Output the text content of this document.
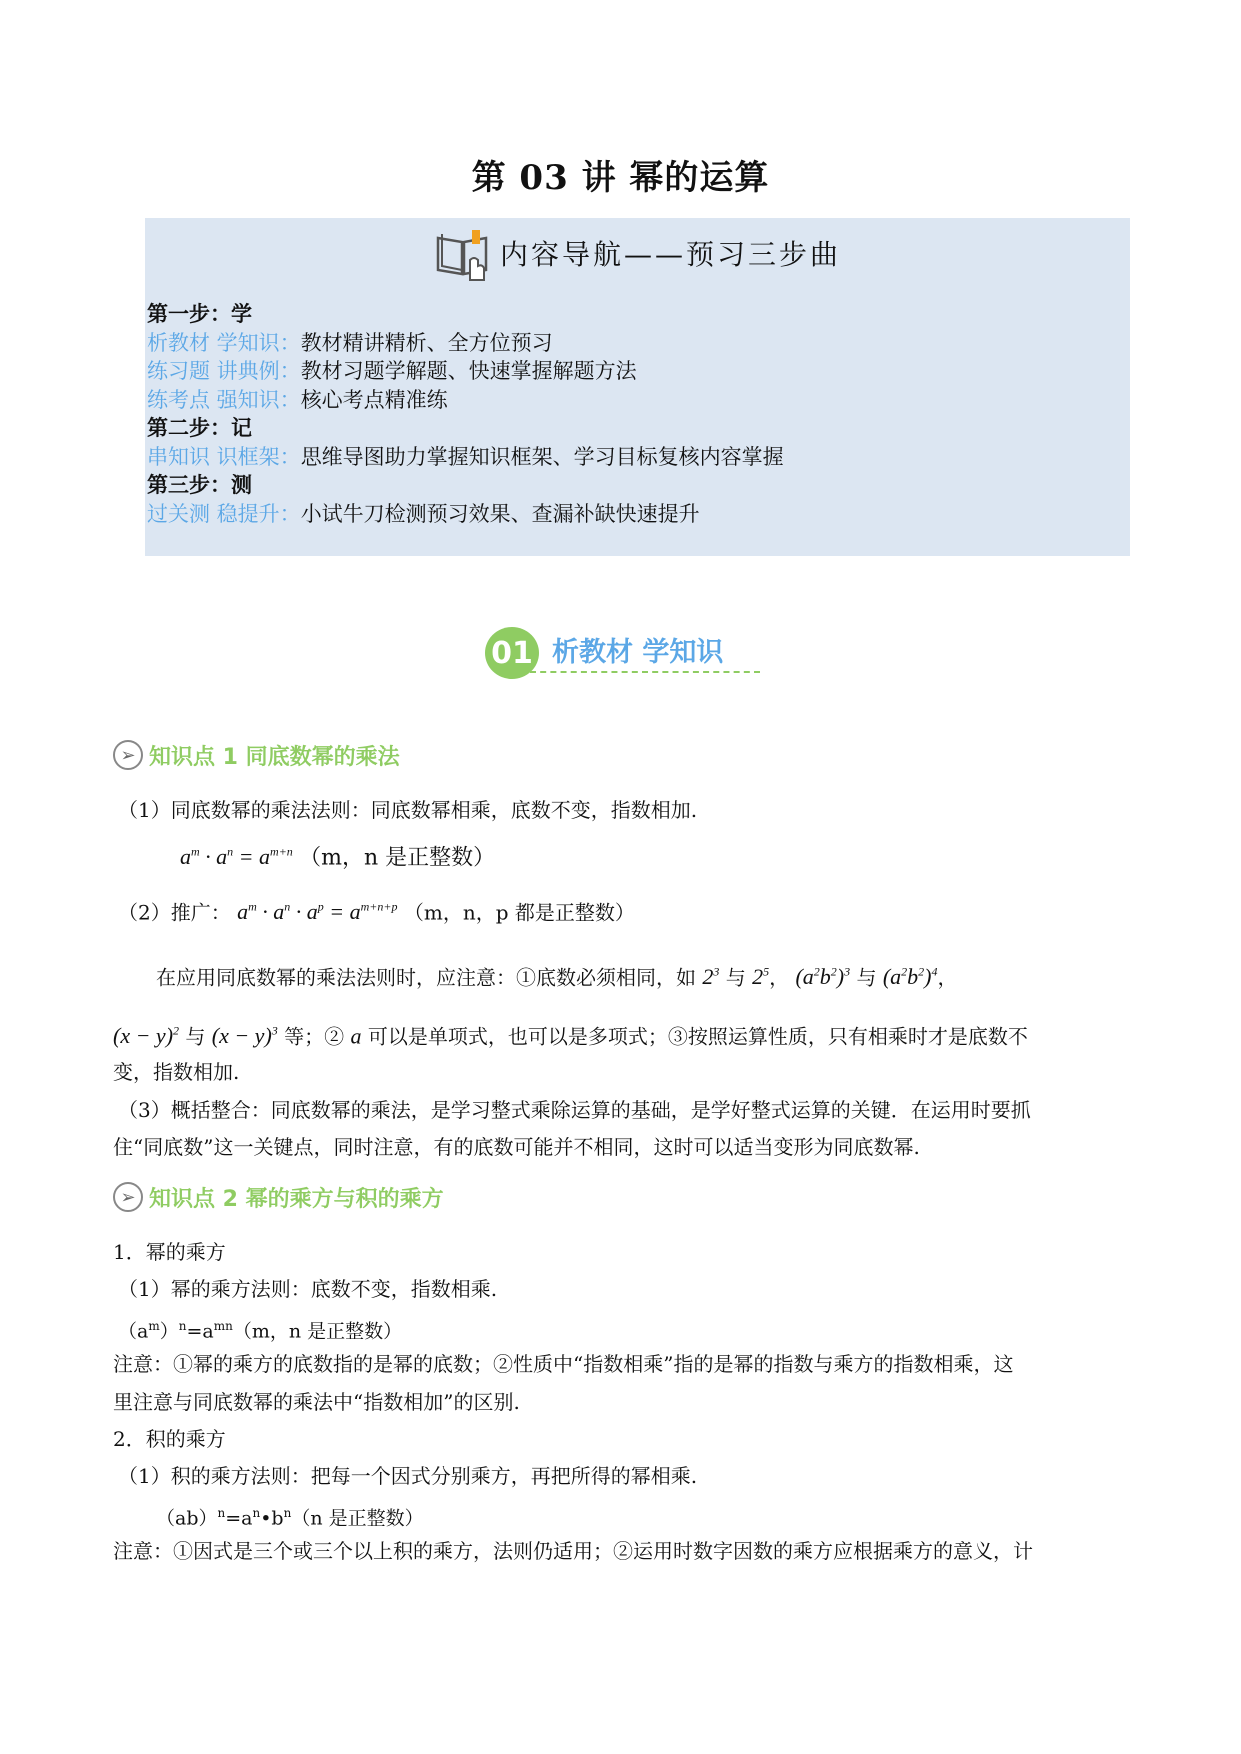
第 03 讲 幂的运算
内容导航——预习三步曲
第一步：学
析教材 学知识：教材精讲精析、全方位预习
练习题 讲典例：教材习题学解题、快速掌握解题方法
练考点 强知识：核心考点精准练
第二步：记
串知识 识框架：思维导图助力掌握知识框架、学习目标复核内容掌握
第三步：测
过关测 稳提升：小试牛刀检测预习效果、查漏补缺快速提升
01 析教材 学知识
➢ 知识点 1 同底数幂的乘法
（1）同底数幂的乘法法则：同底数幂相乘，底数不变，指数相加.
$a^m \cdot a^n = a^{m+n}$ （m，n 是正整数）
（2）推广： $a^m \cdot a^n \cdot a^p = a^{m+n+p}$ （m，n，p 都是正整数）
在应用同底数幂的乘法法则时，应注意：①底数必须相同，如 $2^3$ 与 $2^5$， $(a^2b^2)^3$ 与 $(a^2b^2)^4$，
$(x - y)^2$ 与 $(x - y)^3$ 等；② a 可以是单项式，也可以是多项式；③按照运算性质，只有相乘时才是底数不
变，指数相加.
（3）概括整合：同底数幂的乘法，是学习整式乘除运算的基础，是学好整式运算的关键．在运用时要抓
住“同底数”这一关键点，同时注意，有的底数可能并不相同，这时可以适当变形为同底数幂.
➢ 知识点 2 幂的乘方与积的乘方
1．幂的乘方
（1）幂的乘方法则：底数不变，指数相乘.
$(a^m)^n=a^{mn}(m$，n 是正整数）
注意：①幂的乘方的底数指的是幂的底数；②性质中“指数相乘”指的是幂的指数与乘方的指数相乘，这
里注意与同底数幂的乘法中“指数相加”的区别.
2．积的乘方
（1）积的乘方法则：把每一个因式分别乘方，再把所得的幂相乘.
$(ab)^n=a^n•b^n(n$ 是正整数）
注意：①因式是三个或三个以上积的乘方，法则仍适用；②运用时数字因数的乘方应根据乘方的意义，计
